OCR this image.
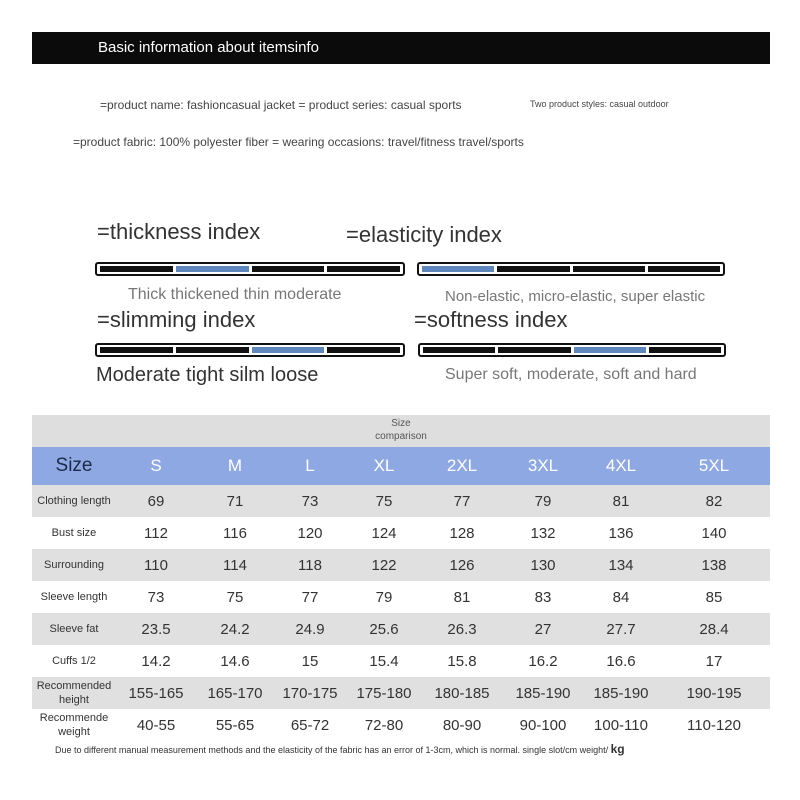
Basic information about itemsinfo
=product name: fashioncasual jacket = product series: casual sports	Two product styles: casual outdoor
=product fabric: 100% polyester fiber = wearing occasions: travel/fitness travel/sports
=thickness index
Thick thickened thin moderate
=elasticity index
Non-elastic, micro-elastic, super elastic
=slimming index
Moderate tight silm loose
=softness index
Super soft, moderate, soft and hard
Size
comparison
Size	S	M	L	XL	2XL	3XL	4XL	5XL
Clothing length	69	71	73	75	77	79	81	82
Bust size	112	116	120	124	128	132	136	140
Surrounding	110	114	118	122	126	130	134	138
Sleeve length	73	75	77	79	81	83	84	85
Sleeve fat	23.5	24.2	24.9	25.6	26.3	27	27.7	28.4
Cuffs 1/2	14.2	14.6	15	15.4	15.8	16.2	16.6	17
Recommended height	155-165	165-170	170-175	175-180	180-185	185-190	185-190	190-195
Recommende weight	40-55	55-65	65-72	72-80	80-90	90-100	100-110	110-120
Due to different manual measurement methods and the elasticity of the fabric has an error of 1-3cm, which is normal. single slot/cm weight/ kg
